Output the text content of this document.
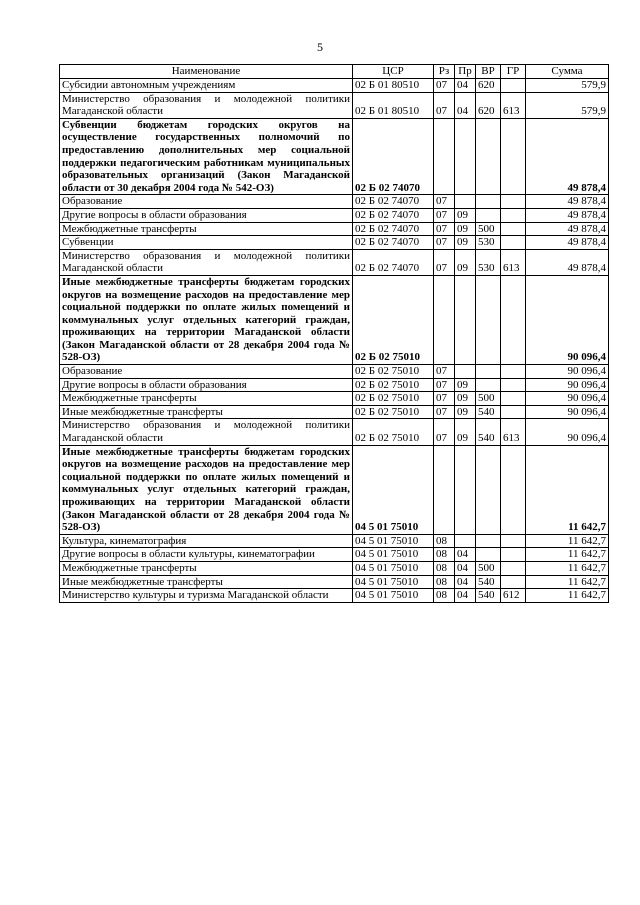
5
Наименование	ЦСР	Рз	Пр	ВР	ГР	Сумма
Субсидии автономным учреждениям	02 Б 01 80510	07	04	620		579,9
Министерство образования и молодежной политики Магаданской области	02 Б 01 80510	07	04	620	613	579,9
Субвенции бюджетам городских округов на осуществление государственных полномочий по предоставлению дополнительных мер социальной поддержки педагогическим работникам муниципальных образовательных организаций (Закон Магаданской области от 30 декабря 2004 года № 542-ОЗ)	02 Б 02 74070					49 878,4
Образование	02 Б 02 74070	07				49 878,4
Другие вопросы в области образования	02 Б 02 74070	07	09			49 878,4
Межбюджетные трансферты	02 Б 02 74070	07	09	500		49 878,4
Субвенции	02 Б 02 74070	07	09	530		49 878,4
Министерство образования и молодежной политики Магаданской области	02 Б 02 74070	07	09	530	613	49 878,4
Иные межбюджетные трансферты бюджетам городских округов на возмещение расходов на предоставление мер социальной поддержки по оплате жилых помещений и коммунальных услуг отдельных категорий граждан, проживающих на территории Магаданской области (Закон Магаданской области от 28 декабря 2004 года № 528-ОЗ)	02 Б 02 75010					90 096,4
Образование	02 Б 02 75010	07				90 096,4
Другие вопросы в области образования	02 Б 02 75010	07	09			90 096,4
Межбюджетные трансферты	02 Б 02 75010	07	09	500		90 096,4
Иные межбюджетные трансферты	02 Б 02 75010	07	09	540		90 096,4
Министерство образования и молодежной политики Магаданской области	02 Б 02 75010	07	09	540	613	90 096,4
Иные межбюджетные трансферты бюджетам городских округов на возмещение расходов на предоставление мер социальной поддержки по оплате жилых помещений и коммунальных услуг отдельных категорий граждан, проживающих на территории Магаданской области (Закон Магаданской области от 28 декабря 2004 года № 528-ОЗ)	04 5 01 75010					11 642,7
Культура, кинематография	04 5 01 75010	08				11 642,7
Другие вопросы в области культуры, кинематографии	04 5 01 75010	08	04			11 642,7
Межбюджетные трансферты	04 5 01 75010	08	04	500		11 642,7
Иные межбюджетные трансферты	04 5 01 75010	08	04	540		11 642,7
Министерство культуры и туризма Магаданской области	04 5 01 75010	08	04	540	612	11 642,7
